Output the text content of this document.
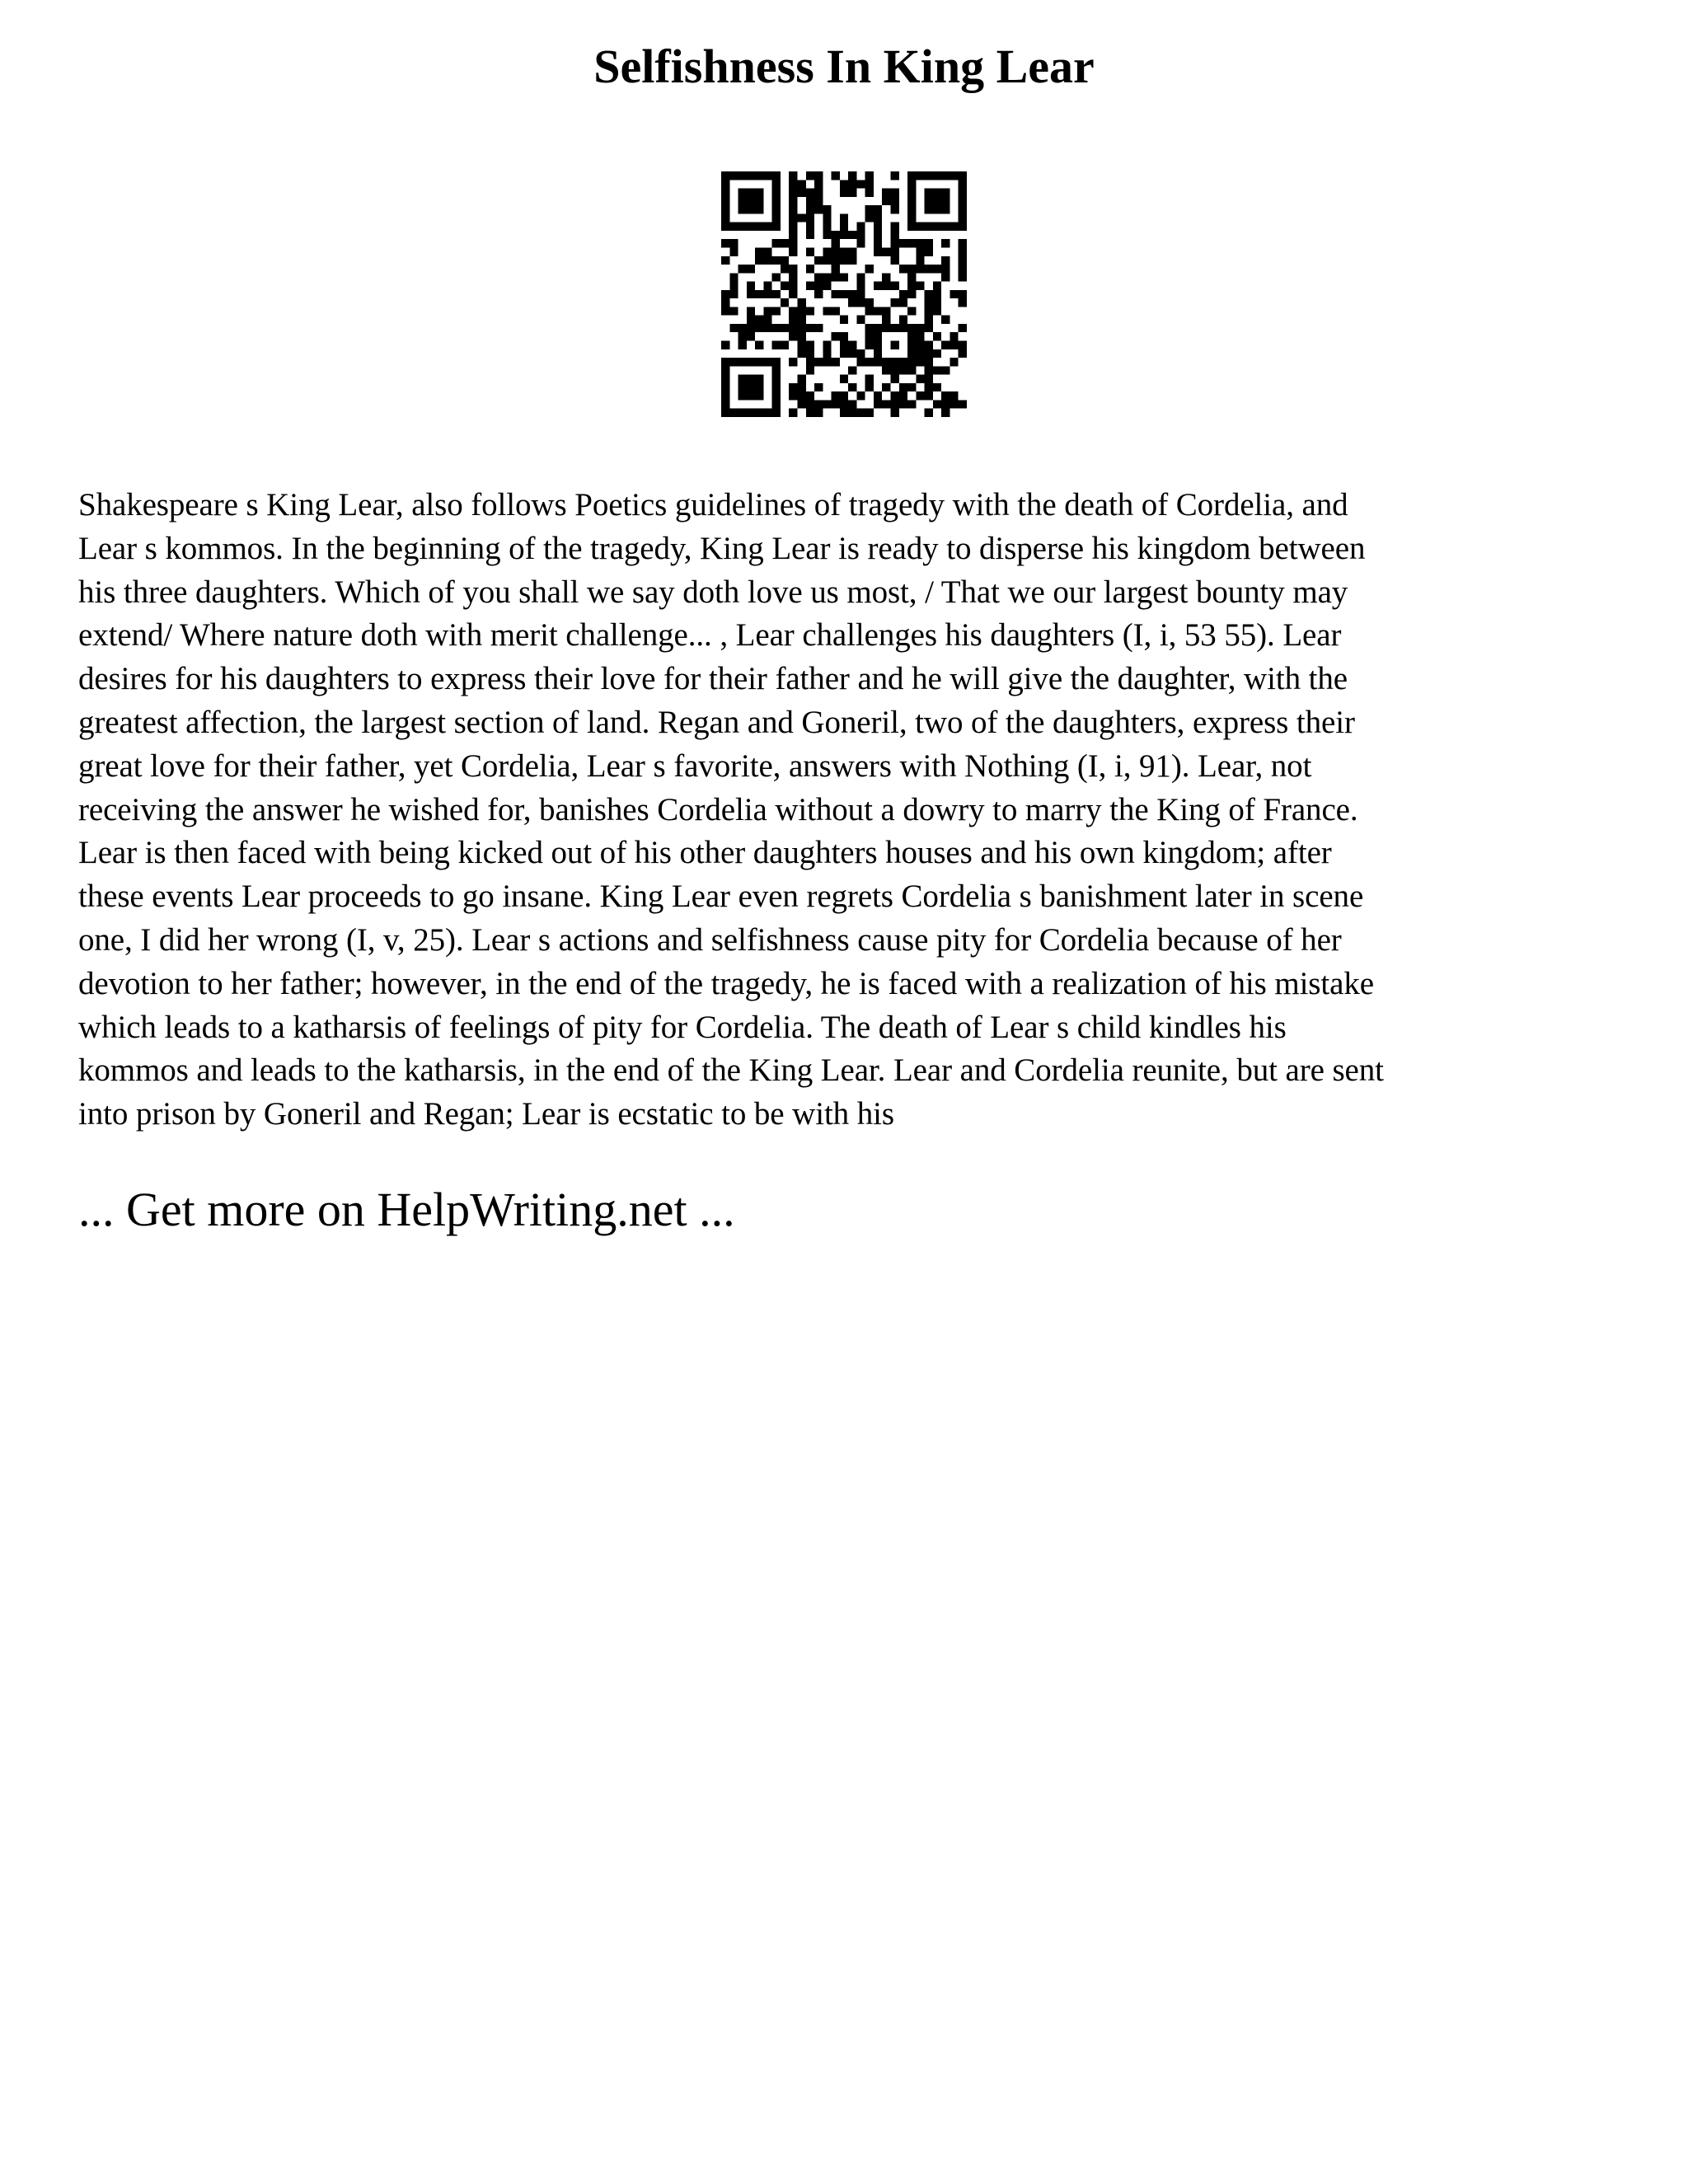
Selfishness In King Lear
Shakespeare s King Lear, also follows Poetics guidelines of tragedy with the death of Cordelia, and
Lear s kommos. In the beginning of the tragedy, King Lear is ready to disperse his kingdom between
his three daughters. Which of you shall we say doth love us most, / That we our largest bounty may
extend/ Where nature doth with merit challenge... , Lear challenges his daughters (I, i, 53 55). Lear
desires for his daughters to express their love for their father and he will give the daughter, with the
greatest affection, the largest section of land. Regan and Goneril, two of the daughters, express their
great love for their father, yet Cordelia, Lear s favorite, answers with Nothing (I, i, 91). Lear, not
receiving the answer he wished for, banishes Cordelia without a dowry to marry the King of France.
Lear is then faced with being kicked out of his other daughters houses and his own kingdom; after
these events Lear proceeds to go insane. King Lear even regrets Cordelia s banishment later in scene
one, I did her wrong (I, v, 25). Lear s actions and selfishness cause pity for Cordelia because of her
devotion to her father; however, in the end of the tragedy, he is faced with a realization of his mistake
which leads to a katharsis of feelings of pity for Cordelia. The death of Lear s child kindles his
kommos and leads to the katharsis, in the end of the King Lear. Lear and Cordelia reunite, but are sent
into prison by Goneril and Regan; Lear is ecstatic to be with his
... Get more on HelpWriting.net ...
